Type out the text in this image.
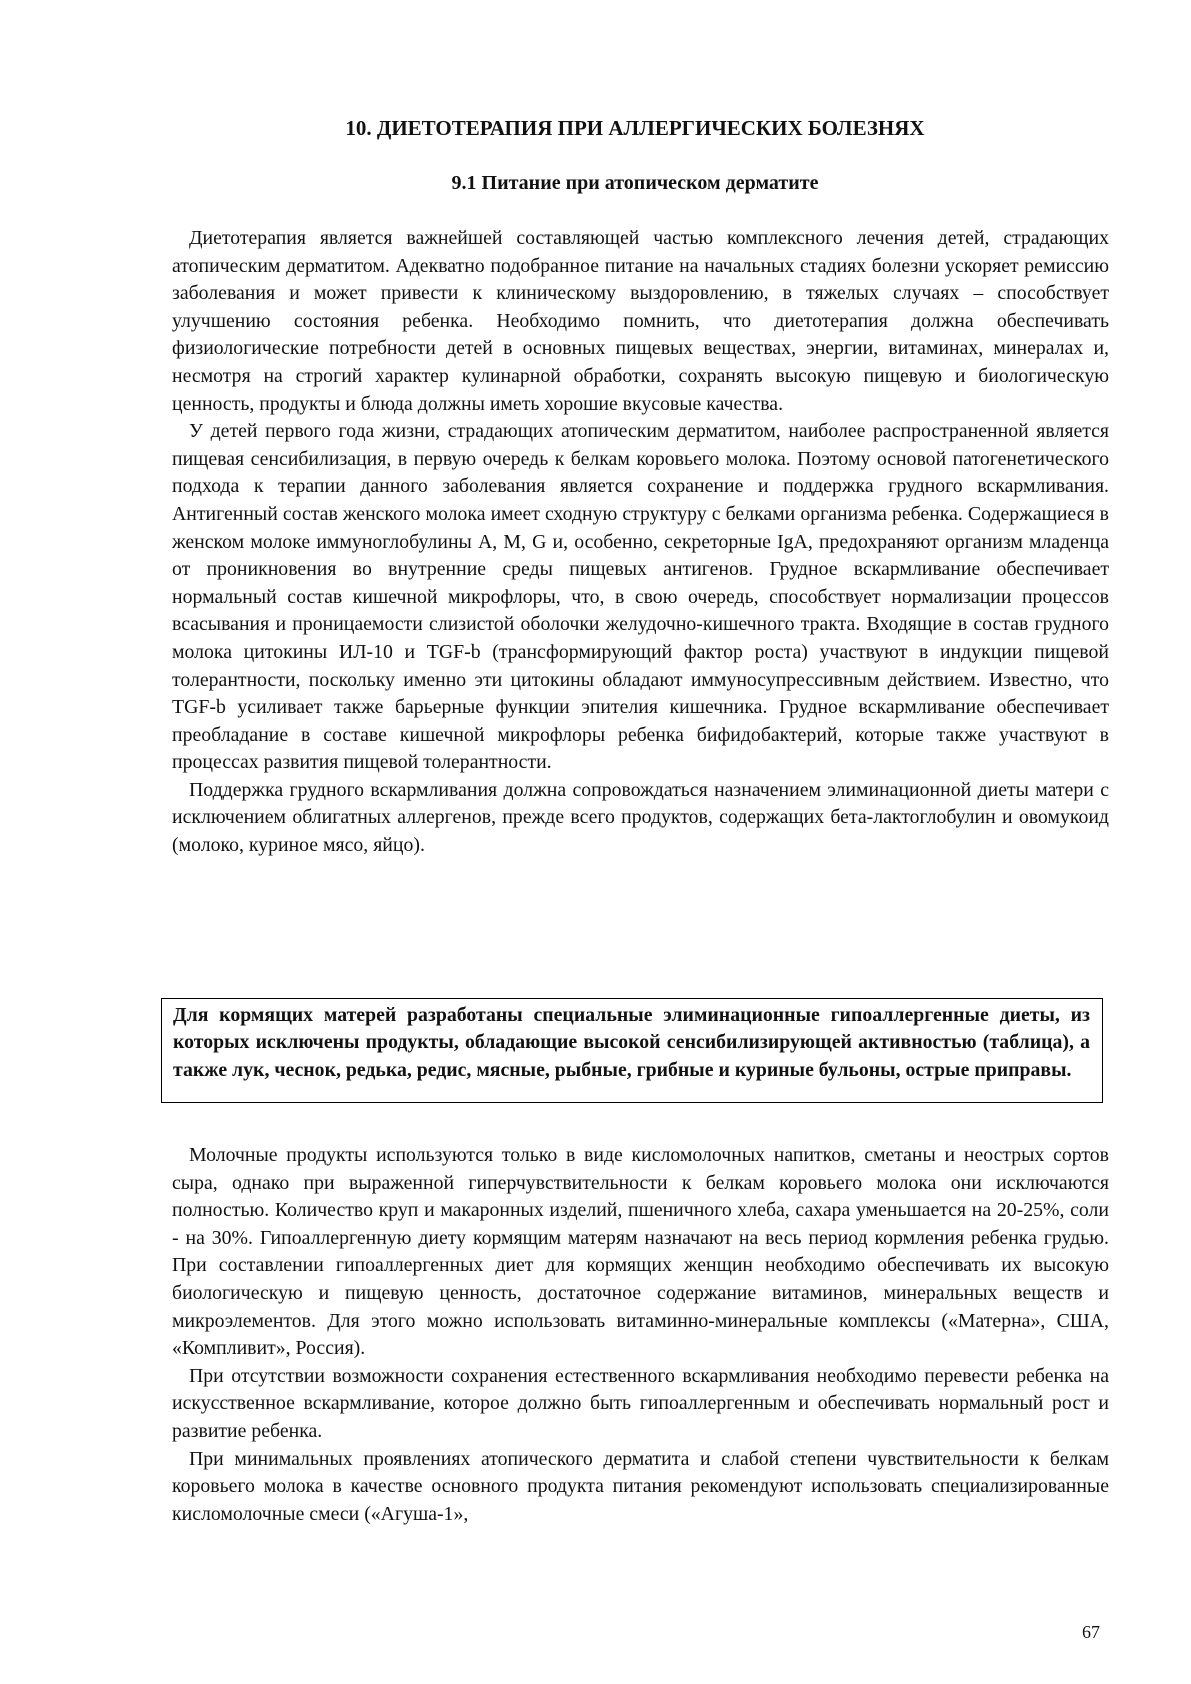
10. ДИЕТОТЕРАПИЯ ПРИ АЛЛЕРГИЧЕСКИХ БОЛЕЗНЯХ
9.1 Питание при атопическом дерматите

Диетотерапия является важнейшей составляющей частью комплексного лечения детей, страдающих атопическим дерматитом. Адекватно подобранное питание на начальных стадиях болезни ускоряет ремиссию заболевания и может привести к клиническому выздоровлению, в тяжелых случаях – способствует улучшению состояния ребенка. Необходимо помнить, что диетотерапия должна обеспечивать физиологические потребности детей в основных пищевых веществах, энергии, витаминах, минералах и, несмотря на строгий характер кулинарной обработки, сохранять высокую пищевую и биологическую ценность, продукты и блюда должны иметь хорошие вкусовые качества.

У детей первого года жизни, страдающих атопическим дерматитом, наиболее распространенной является пищевая сенсибилизация, в первую очередь к белкам коровьего молока. Поэтому основой патогенетического подхода к терапии данного заболевания является сохранение и поддержка грудного вскармливания. Антигенный состав женского молока имеет сходную структуру с белками организма ребенка. Содержащиеся в женском молоке иммуноглобулины A, M, G и, особенно, секреторные IgA, предохраняют организм младенца от проникновения во внутренние среды пищевых антигенов. Грудное вскармливание обеспечивает нормальный состав кишечной микрофлоры, что, в свою очередь, способствует нормализации процессов всасывания и проницаемости слизистой оболочки желудочно-кишечного тракта. Входящие в состав грудного молока цитокины ИЛ-10 и TGF-b (трансформирующий фактор роста) участвуют в индукции пищевой толерантности, поскольку именно эти цитокины обладают иммуносупрессивным действием. Известно, что TGF-b усиливает также барьерные функции эпителия кишечника. Грудное вскармливание обеспечивает преобладание в составе кишечной микрофлоры ребенка бифидобактерий, которые также участвуют в процессах развития пищевой толерантности.

Поддержка грудного вскармливания должна сопровождаться назначением элиминационной диеты матери с исключением облигатных аллергенов, прежде всего продуктов, содержащих бета-лактоглобулин и овомукоид (молоко, куриное мясо, яйцо).

Для кормящих матерей разработаны специальные элиминационные гипоаллергенные диеты, из которых исключены продукты, обладающие высокой сенсибилизирующей активностью (таблица), а также лук, чеснок, редька, редис, мясные, рыбные, грибные и куриные бульоны, острые приправы.

Молочные продукты используются только в виде кисломолочных напитков, сметаны и неострых сортов сыра, однако при выраженной гиперчувствительности к белкам коровьего молока они исключаются полностью. Количество круп и макаронных изделий, пшеничного хлеба, сахара уменьшается на 20-25%, соли - на 30%. Гипоаллергенную диету кормящим матерям назначают на весь период кормления ребенка грудью. При составлении гипоаллергенных диет для кормящих женщин необходимо обеспечивать их высокую биологическую и пищевую ценность, достаточное содержание витаминов, минеральных веществ и микроэлементов. Для этого можно использовать витаминно-минеральные комплексы («Матерна», США, «Компливит», Россия).

При отсутствии возможности сохранения естественного вскармливания необходимо перевести ребенка на искусственное вскармливание, которое должно быть гипоаллергенным и обеспечивать нормальный рост и развитие ребенка.

При минимальных проявлениях атопического дерматита и слабой степени чувствительности к белкам коровьего молока в качестве основного продукта питания рекомендуют использовать специализированные кисломолочные смеси («Агуша-1»,

67
